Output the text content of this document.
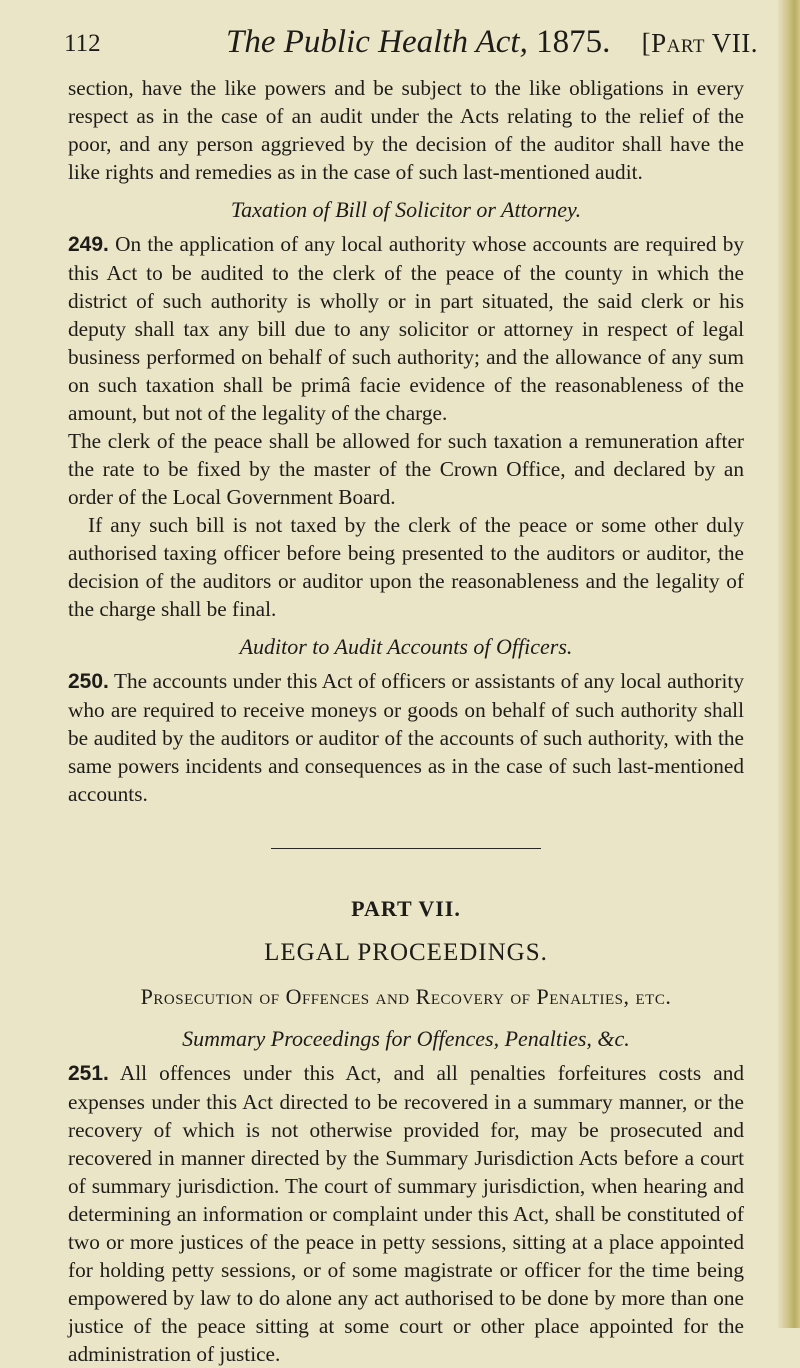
112	The Public Health Act, 1875. [Part VII.

section, have the like powers and be subject to the like obligations in every respect as in the case of an audit under the Acts relating to the relief of the poor, and any person aggrieved by the decision of the auditor shall have the like rights and remedies as in the case of such last-mentioned audit.

Taxation of Bill of Solicitor or Attorney.

249. On the application of any local authority whose accounts are required by this Act to be audited to the clerk of the peace of the county in which the district of such authority is wholly or in part situated, the said clerk or his deputy shall tax any bill due to any solicitor or attorney in respect of legal business performed on behalf of such authority; and the allowance of any sum on such taxation shall be primâ facie evidence of the reasonableness of the amount, but not of the legality of the charge.

The clerk of the peace shall be allowed for such taxation a remuneration after the rate to be fixed by the master of the Crown Office, and declared by an order of the Local Government Board.

If any such bill is not taxed by the clerk of the peace or some other duly authorised taxing officer before being presented to the auditors or auditor, the decision of the auditors or auditor upon the reasonableness and the legality of the charge shall be final.

Auditor to Audit Accounts of Officers.

250. The accounts under this Act of officers or assistants of any local authority who are required to receive moneys or goods on behalf of such authority shall be audited by the auditors or auditor of the accounts of such authority, with the same powers incidents and consequences as in the case of such last-mentioned accounts.

PART VII.

LEGAL PROCEEDINGS.

Prosecution of Offences and Recovery of Penalties, etc.

Summary Proceedings for Offences, Penalties, &c.

251. All offences under this Act, and all penalties forfeitures costs and expenses under this Act directed to be recovered in a summary manner, or the recovery of which is not otherwise provided for, may be prosecuted and recovered in manner directed by the Summary Jurisdiction Acts before a court of summary jurisdiction. The court of summary jurisdiction, when hearing and determining an information or complaint under this Act, shall be constituted of two or more justices of the peace in petty sessions, sitting at a place appointed for holding petty sessions, or of some magistrate or officer for the time being empowered by law to do alone any act authorised to be done by more than one justice of the peace sitting at some court or other place appointed for the administration of justice.
